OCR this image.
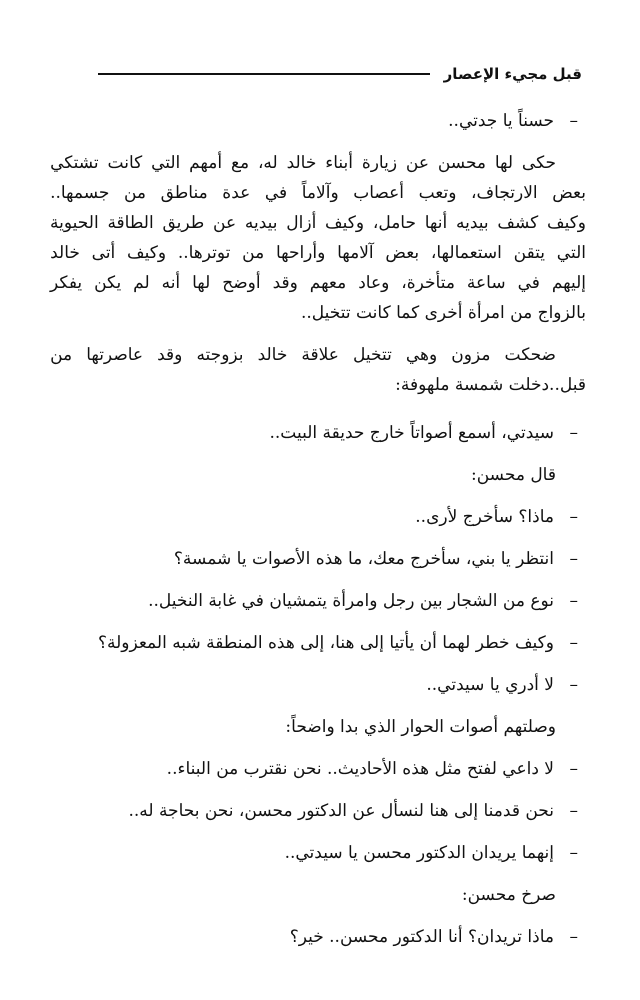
قبل مجيء الإعصار
–
حسناً يا جدتي..
حكى
لها
محسن
عن
زيارة
أبناء
خالد
له،
مع
أمهم
التي
كانت
تشتكي
بعض
الارتجاف،
وتعب
أعصاب
وآلاماً
في
عدة
مناطق
من
جسمها..
وكيف
كشف
بيديه
أنها
حامل،
وكيف
أزال
بيديه
عن
طريق
الطاقة
الحيوية
التي
يتقن
استعمالها،
بعض
آلامها
وأراحها
من
توترها..
وكيف
أتى
خالد
إليهم
في
ساعة
متأخرة،
وعاد
معهم
وقد
أوضح
لها
أنه
لم
يكن
يفكر
بالزواج من امرأة أخرى كما كانت تتخيل..
ضحكت
مزون
وهي
تتخيل
علاقة
خالد
بزوجته
وقد
عاصرتها
من
قبل..دخلت شمسة ملهوفة:
–
سيدتي، أسمع أصواتاً خارج حديقة البيت..
قال محسن:
–
ماذا؟ سأخرج لأرى..
–
انتظر يا بني، سأخرج معك، ما هذه الأصوات يا شمسة؟
–
نوع من الشجار بين رجل وامرأة يتمشيان في غابة النخيل..
–
وكيف خطر لهما أن يأتيا إلى هنا، إلى هذه المنطقة شبه المعزولة؟
–
لا أدري يا سيدتي..
وصلتهم أصوات الحوار الذي بدا واضحاً:
–
لا داعي لفتح مثل هذه الأحاديث.. نحن نقترب من البناء..
–
نحن قدمنا إلى هنا لنسأل عن الدكتور محسن، نحن بحاجة له..
–
إنهما يريدان الدكتور محسن يا سيدتي..
صرخ محسن:
–
ماذا تريدان؟ أنا الدكتور محسن.. خير؟
